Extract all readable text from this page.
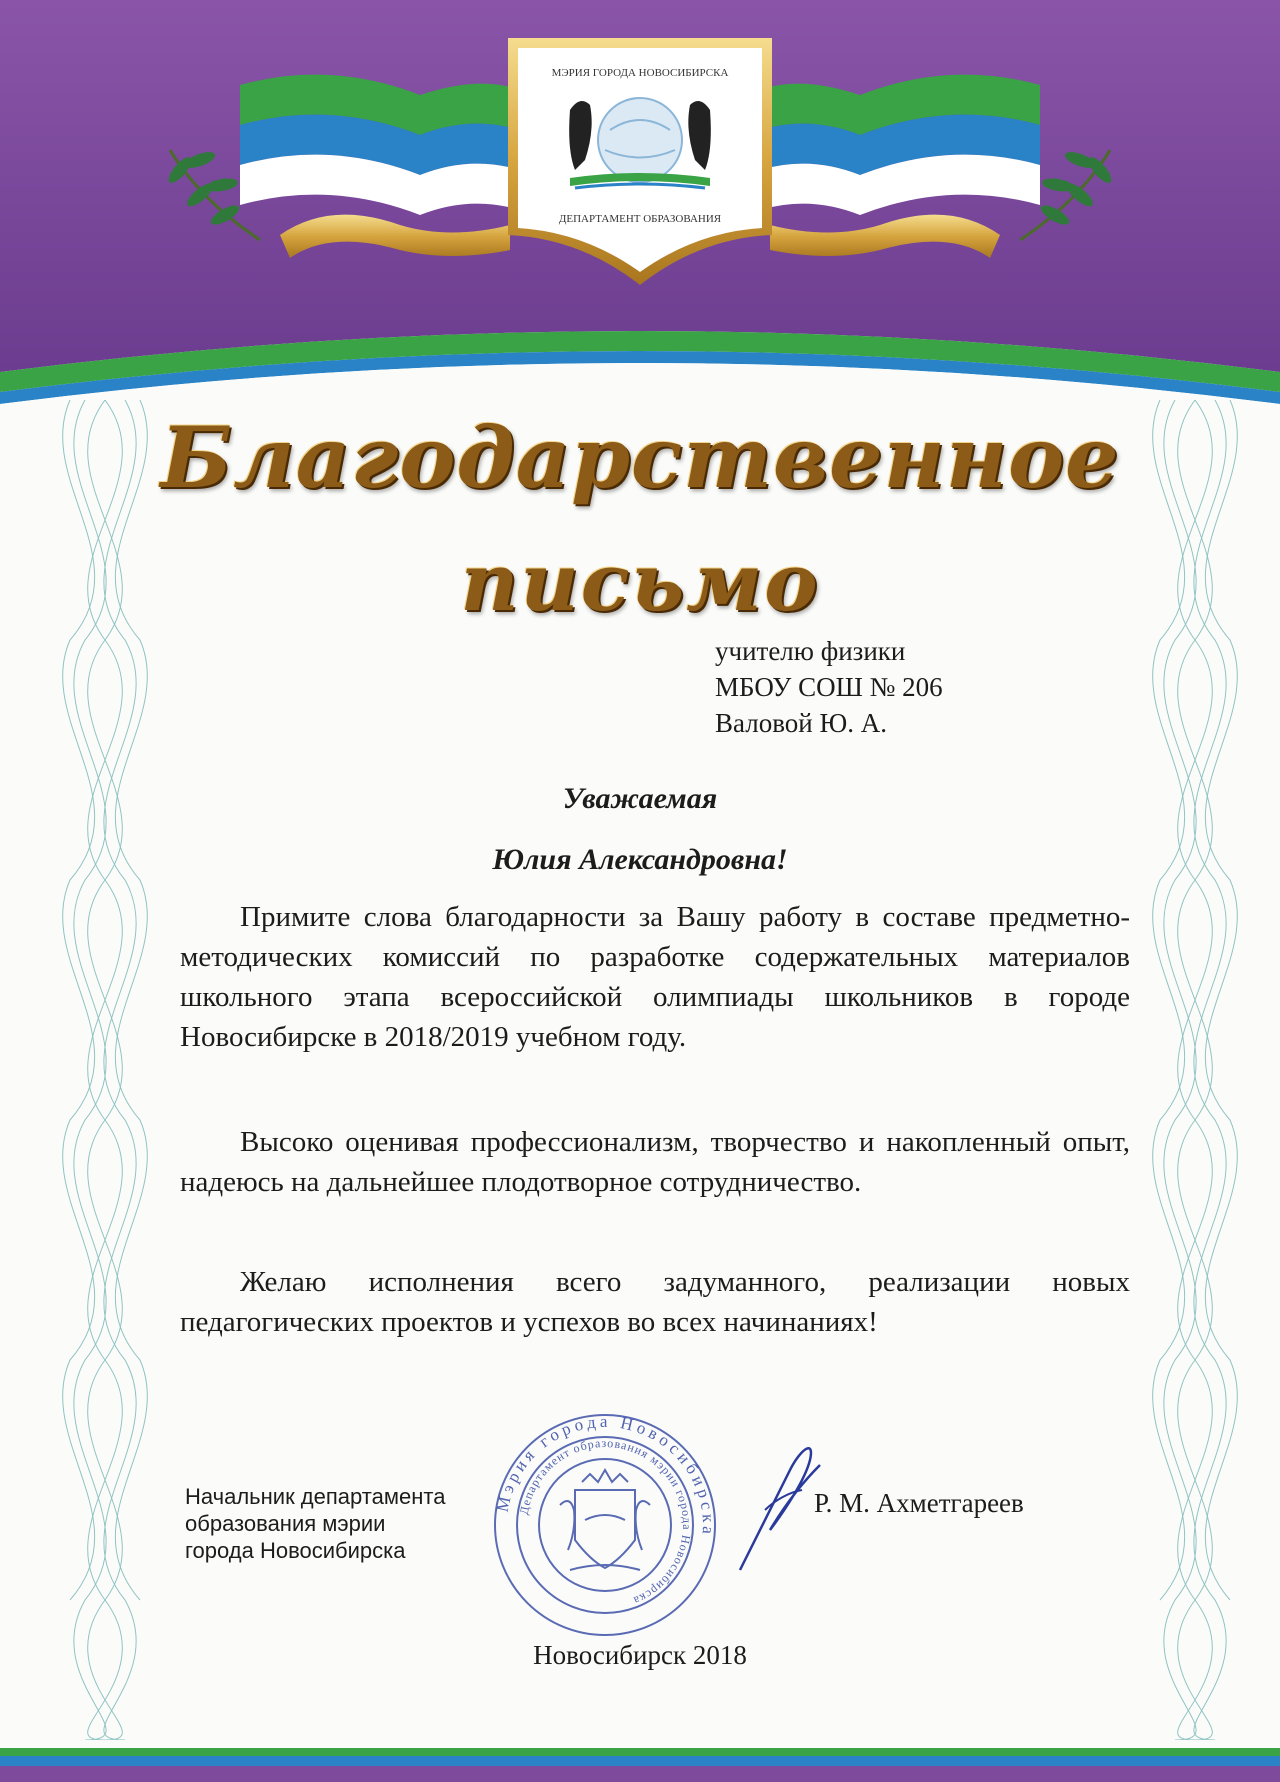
МЭРИЯ ГОРОДА НОВОСИБИРСКА
ДЕПАРТАМЕНТ ОБРАЗОВАНИЯ
Благодарственное
письмо
учителю физики
МБОУ СОШ № 206
Валовой Ю. А.
Уважаемая
Юлия Александровна!
Примите слова благодарности за Вашу работу в составе предметно-методических комиссий по разработке содержательных материалов школьного этапа всероссийской олимпиады школьников в городе Новосибирске в 2018/2019 учебном году.
Высоко оценивая профессионализм, творчество и накопленный опыт, надеюсь на дальнейшее плодотворное сотрудничество.
Желаю исполнения всего задуманного, реализации новых педагогических проектов и успехов во всех начинаниях!
Начальник департамента
образования мэрии
города Новосибирска
Мэрия города Новосибирска
Департамент образования мэрии города Новосибирска
Р. М. Ахметгареев
Новосибирск 2018
